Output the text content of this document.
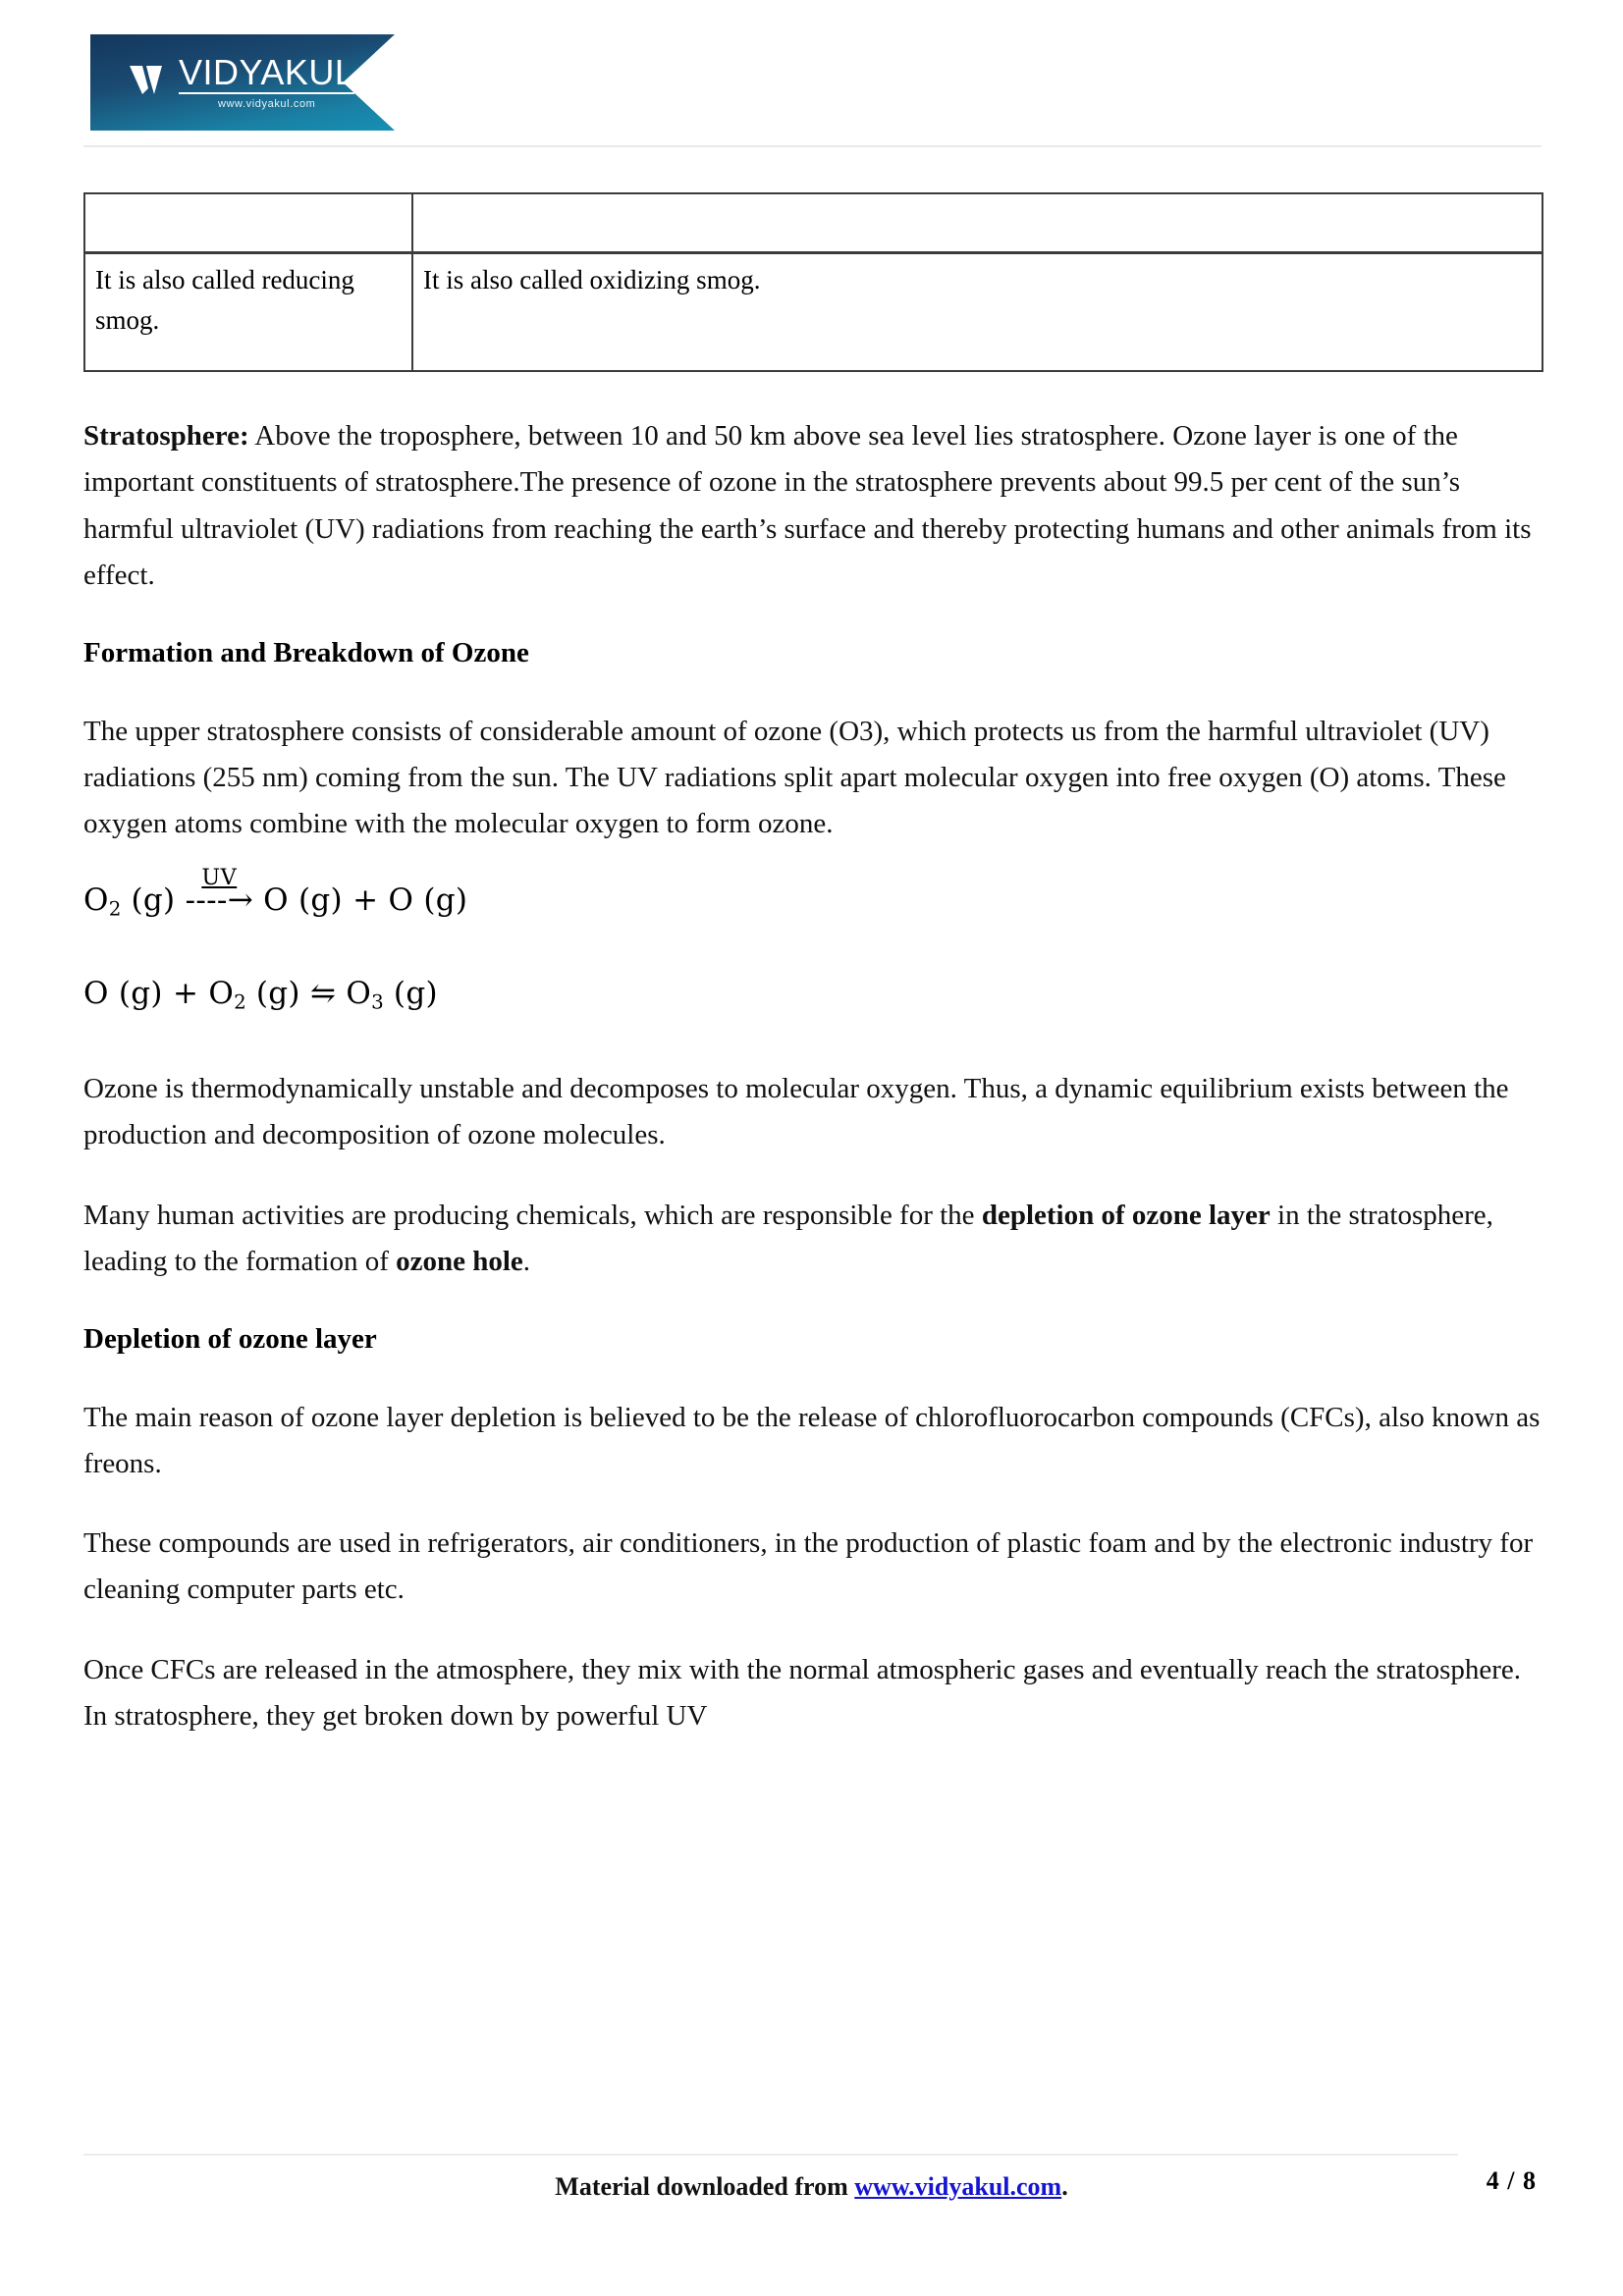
VIDYAKUL
www.vidyakul.com

It is also called reducing smog.	It is also called oxidizing smog.

Stratosphere: Above the troposphere, between 10 and 50 km above sea level lies stratosphere. Ozone layer is one of the important constituents of stratosphere.The presence of ozone in the stratosphere prevents about 99.5 per cent of the sun’s harmful ultraviolet (UV) radiations from reaching the earth’s surface and thereby protecting humans and other animals from its effect.

Formation and Breakdown of Ozone

The upper stratosphere consists of considerable amount of ozone (O3), which protects us from the harmful ultraviolet (UV) radiations (255 nm) coming from the sun. The UV radiations split apart molecular oxygen into free oxygen (O) atoms. These oxygen atoms combine with the molecular oxygen to form ozone.

$O_2$ (g) --
UV
--→ O (g) + O (g)
O $(g) + O_2$ (g) ⇋ $O_3$ (g)

Ozone is thermodynamically unstable and decomposes to molecular oxygen. Thus, a dynamic equilibrium exists between the production and decomposition of ozone molecules.

Many human activities are producing chemicals, which are responsible for the depletion of ozone layer in the stratosphere, leading to the formation of ozone hole.

Depletion of ozone layer

The main reason of ozone layer depletion is believed to be the release of chlorofluorocarbon compounds (CFCs), also known as freons.

These compounds are used in refrigerators, air conditioners, in the production of plastic foam and by the electronic industry for cleaning computer parts etc.

Once CFCs are released in the atmosphere, they mix with the normal atmospheric gases and eventually reach the stratosphere. In stratosphere, they get broken down by powerful UV

Material downloaded from www.vidyakul.com.	4 / 8
